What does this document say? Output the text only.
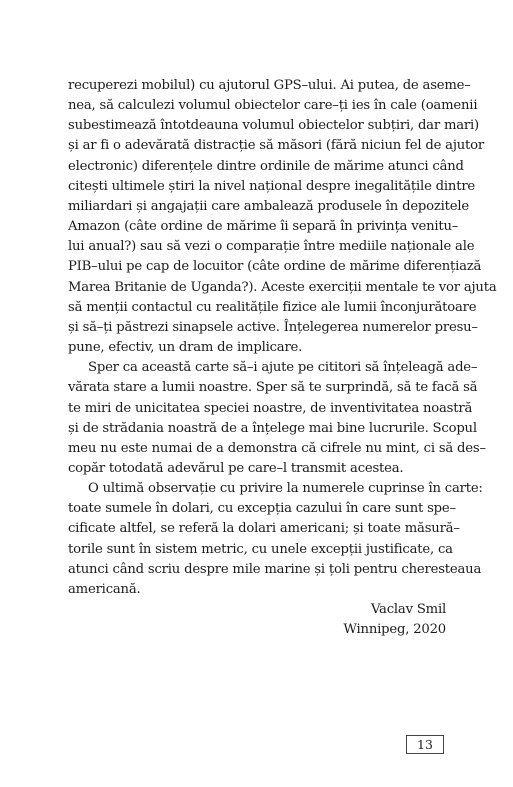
recuperezi mobilul) cu ajutorul GPS–ului. Ai putea, de aseme–
nea, să calculezi volumul obiectelor care–ți ies în cale (oamenii
subestimează întotdeauna volumul obiectelor subțiri, dar mari)
și ar fi o adevărată distracție să măsori (fără niciun fel de ajutor
electronic) diferențele dintre ordinile de mărime atunci când
citești ultimele știri la nivel național despre inegalitățile dintre
miliardari și angajații care ambalează produsele în depozitele
Amazon (câte ordine de mărime îi separă în privința venitu–
lui anual?) sau să vezi o comparație între mediile naționale ale
PIB–ului pe cap de locuitor (câte ordine de mărime diferențiază
Marea Britanie de Uganda?). Aceste exerciții mentale te vor ajuta
să menții contactul cu realitățile fizice ale lumii înconjurătoare
și să–ți păstrezi sinapsele active. Înțelegerea numerelor presu–
pune, efectiv, un dram de implicare.
Sper ca această carte să–i ajute pe cititori să înțeleagă ade–
vărata stare a lumii noastre. Sper să te surprindă, să te facă să
te miri de unicitatea speciei noastre, de inventivitatea noastră
și de strădania noastră de a înțelege mai bine lucrurile. Scopul
meu nu este numai de a demonstra că cifrele nu mint, ci să des–
copăr totodată adevărul pe care–l transmit acestea.
O ultimă observație cu privire la numerele cuprinse în carte:
toate sumele în dolari, cu excepția cazului în care sunt spe–
cificate altfel, se referă la dolari americani; și toate măsură–
torile sunt în sistem metric, cu unele excepții justificate, ca
atunci când scriu despre mile marine și țoli pentru cheresteaua
americană.

Vaclav Smil

Winnipeg, 2020

13
